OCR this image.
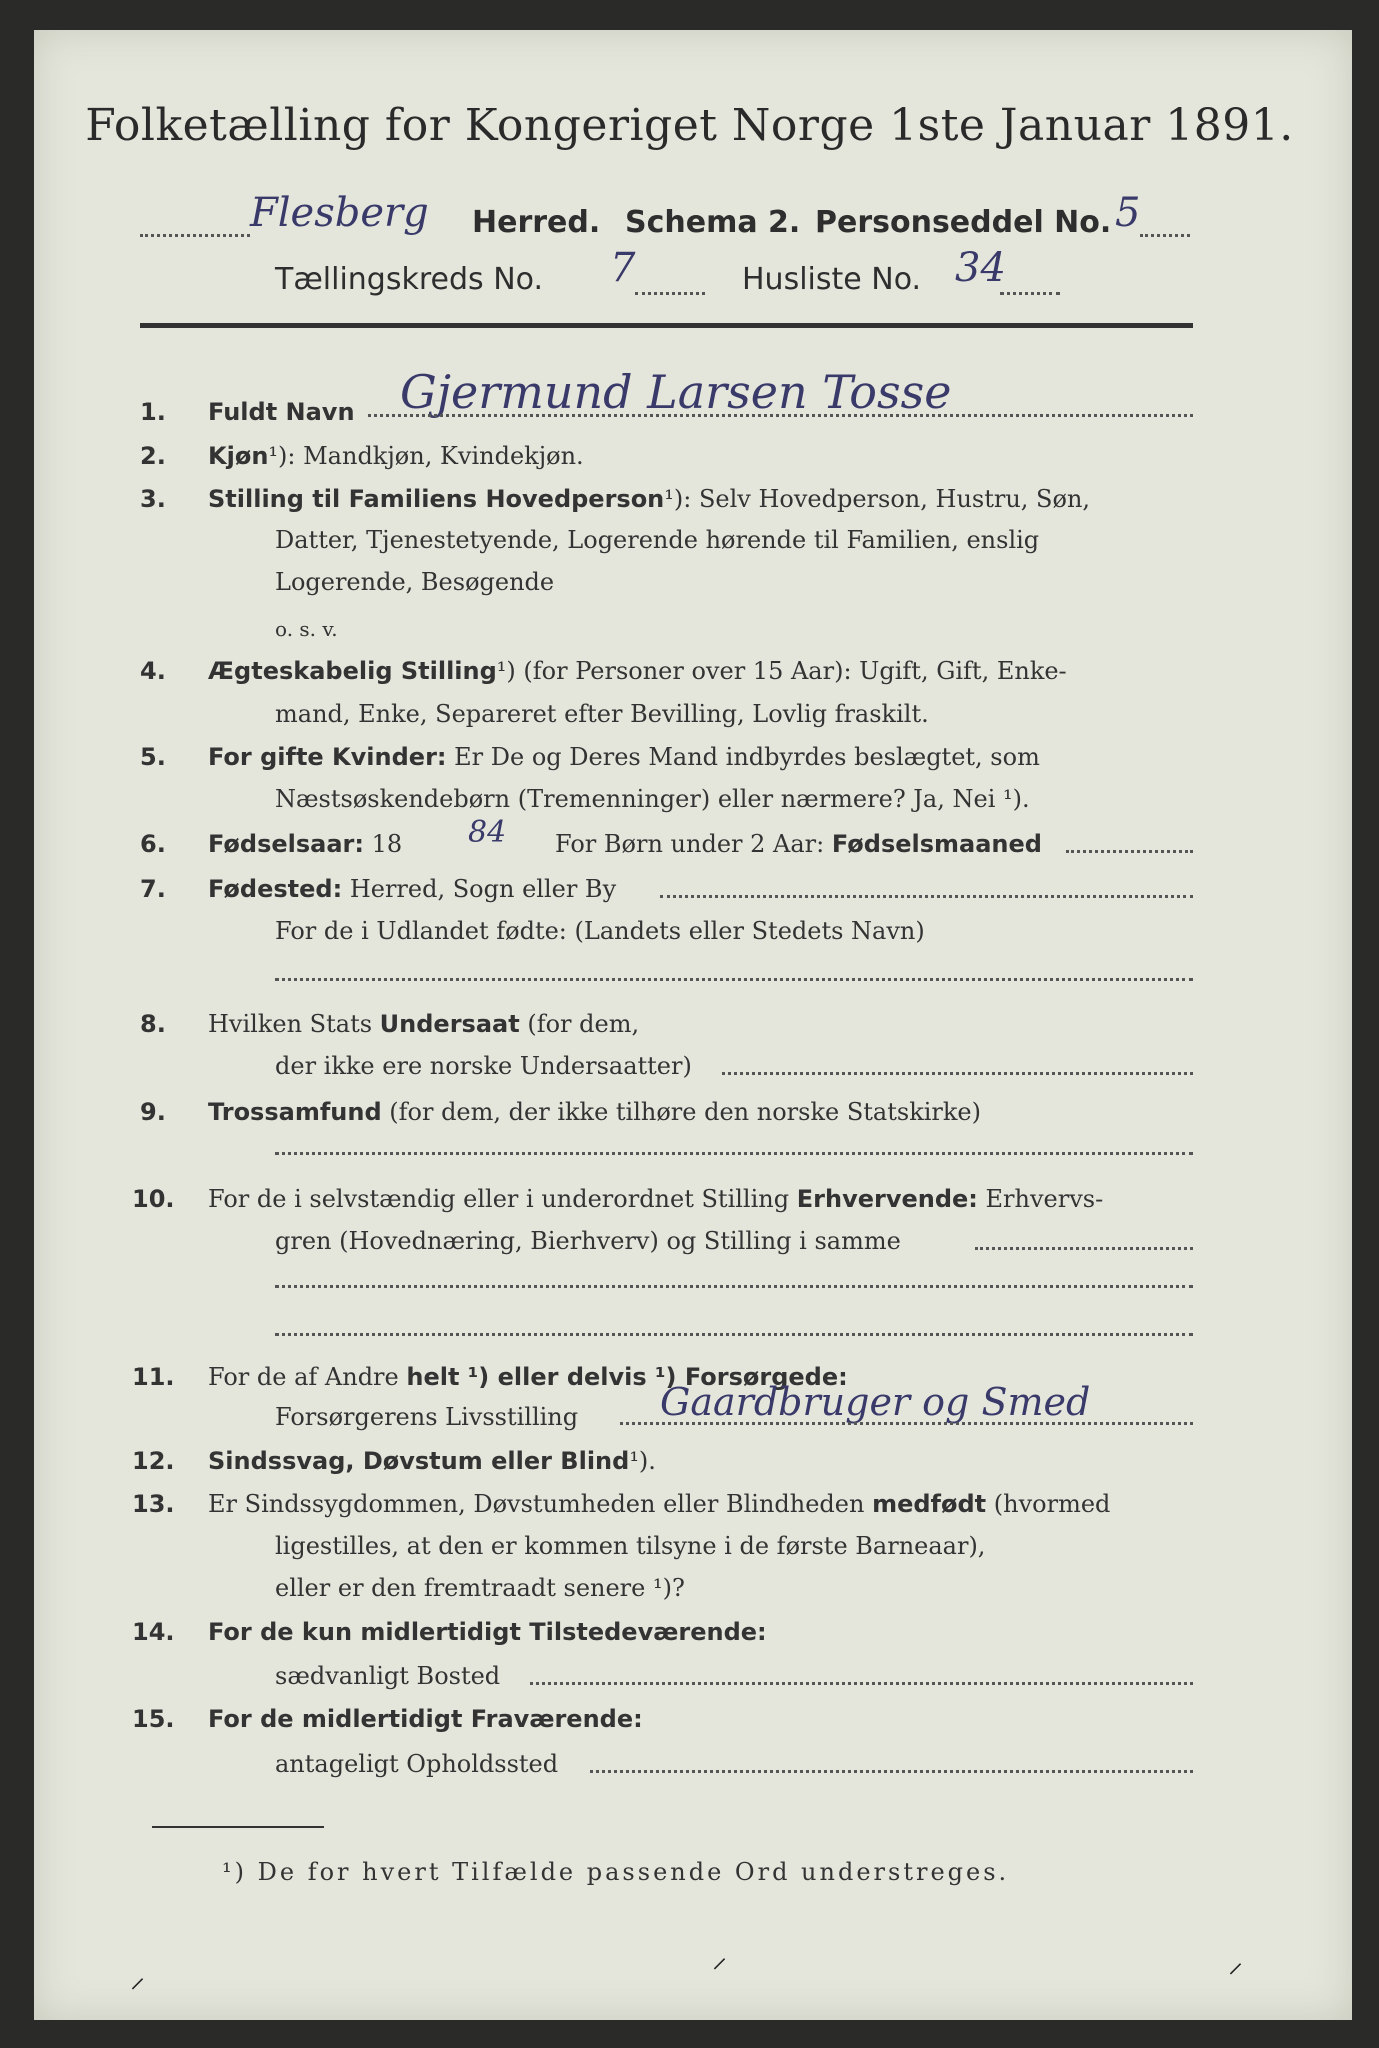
Folketælling for Kongeriget Norge 1ste Januar 1891.
Flesberg Herred. Schema 2. Personseddel No. 5
Tællingskreds No. 7	Husliste No. 34
1. Fuldt Navn Gjermund Larsen Tosse
2. Kjøn¹): Mandkjøn, Kvindekjøn.
3. Stilling til Familiens Hovedperson¹): Selv Hovedperson, Hustru, Søn,
Datter, Tjenestetyende, Logerende hørende til Familien, enslig
Logerende, Besøgende
o. s. v.
4. Ægteskabelig Stilling¹) (for Personer over 15 Aar): Ugift, Gift, Enke-
mand, Enke, Separeret efter Bevilling, Lovlig fraskilt.
5. For gifte Kvinder: Er De og Deres Mand indbyrdes beslægtet, som
Næstsøskendebørn (Tremenninger) eller nærmere? Ja, Nei ¹).
6. Fødselsaar: 18 84 For Børn under 2 Aar: Fødselsmaaned
7. Fødested: Herred, Sogn eller By
For de i Udlandet fødte: (Landets eller Stedets Navn)
8. Hvilken Stats Undersaat (for dem,
der ikke ere norske Undersaatter)
9. Trossamfund (for dem, der ikke tilhøre den norske Statskirke)
10. For de i selvstændig eller i underordnet Stilling Erhvervende: Erhvervs-
gren (Hovednæring, Bierhverv) og Stilling i samme
11. For de af Andre helt ¹) eller delvis ¹) Forsørgede:
Forsørgerens Livsstilling Gaardbruger og Smed
12. Sindssvag, Døvstum eller Blind¹).
13. Er Sindssygdommen, Døvstumheden eller Blindheden medfødt (hvormed
ligestilles, at den er kommen tilsyne i de første Barneaar),
eller er den fremtraadt senere ¹)?
14. For de kun midlertidigt Tilstedeværende:
sædvanligt Bosted
15. For de midlertidigt Fraværende:
antageligt Opholdssted
¹) De for hvert Tilfælde passende Ord understreges.
⸝
⸝	⸝
